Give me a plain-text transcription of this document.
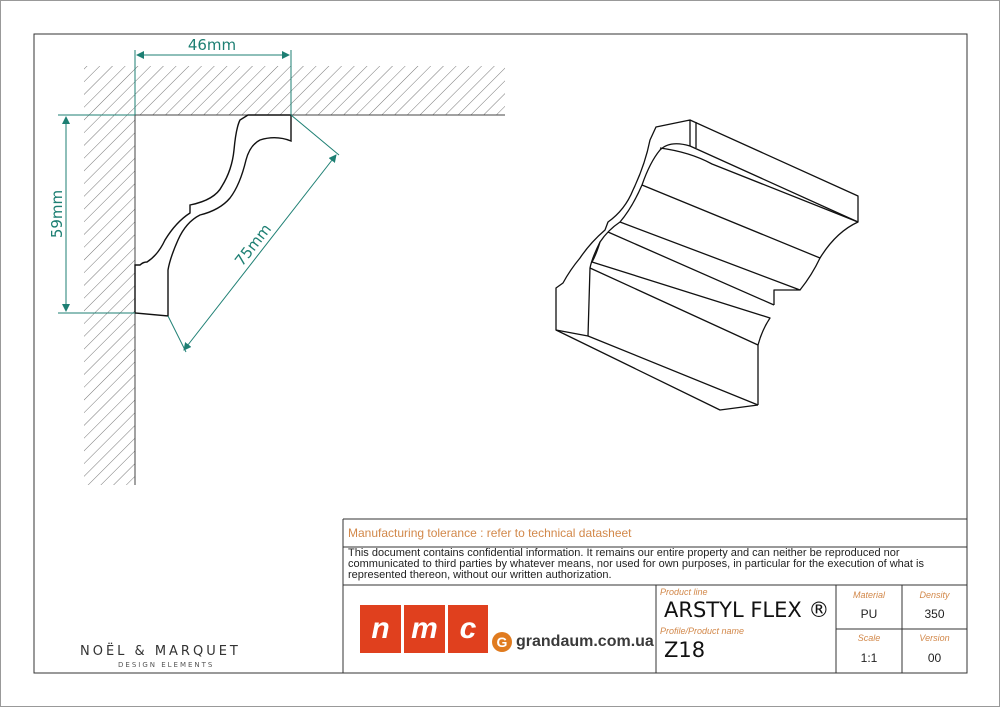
46mm
59mm
75mm
Manufacturing tolerance : refer to technical datasheet
This document contains confidential information. It remains our entire property and can neither be reproduced nor communicated to third parties by whatever means, nor used for own purposes, in particular for the execution of what is represented thereon, without our written authorization.
n m c	G grandaum.com.ua
Product line
ARSTYL FLEX ®
Profile/Product name
Z18
Material
PU
Density
350
Scale
1:1
Version
00
NOËL & MARQUET
DESIGN ELEMENTS
